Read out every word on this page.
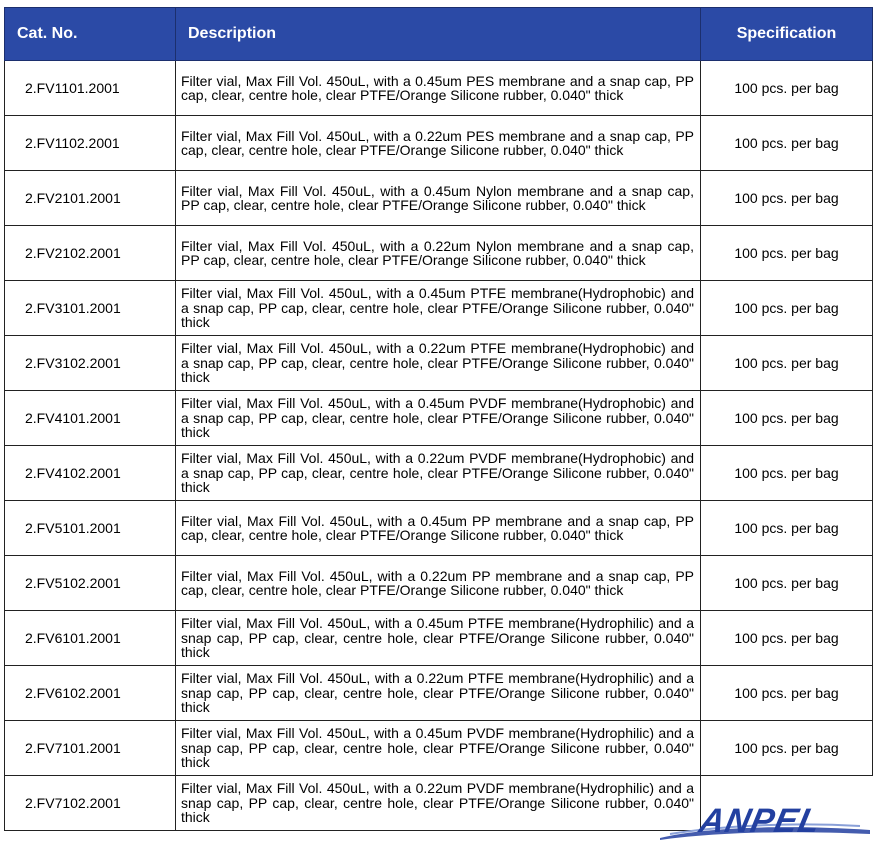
Cat. No.	Description	Specification
2.FV1101.2001	Filter vial, Max Fill Vol. 450uL, with a 0.45um PES membrane and a snap cap, PP cap, clear, centre hole, clear PTFE/Orange Silicone rubber, 0.040" thick	100 pcs. per bag
2.FV1102.2001	Filter vial, Max Fill Vol. 450uL, with a 0.22um PES membrane and a snap cap, PP cap, clear, centre hole, clear PTFE/Orange Silicone rubber, 0.040" thick	100 pcs. per bag
2.FV2101.2001	Filter vial, Max Fill Vol. 450uL, with a 0.45um Nylon membrane and a snap cap, PP cap, clear, centre hole, clear PTFE/Orange Silicone rubber, 0.040" thick	100 pcs. per bag
2.FV2102.2001	Filter vial, Max Fill Vol. 450uL, with a 0.22um Nylon membrane and a snap cap, PP cap, clear, centre hole, clear PTFE/Orange Silicone rubber, 0.040" thick	100 pcs. per bag
2.FV3101.2001	Filter vial, Max Fill Vol. 450uL, with a 0.45um PTFE membrane(Hydrophobic) and a snap cap, PP cap, clear, centre hole, clear PTFE/Orange Silicone rubber, 0.040" thick	100 pcs. per bag
2.FV3102.2001	Filter vial, Max Fill Vol. 450uL, with a 0.22um PTFE membrane(Hydrophobic) and a snap cap, PP cap, clear, centre hole, clear PTFE/Orange Silicone rubber, 0.040" thick	100 pcs. per bag
2.FV4101.2001	Filter vial, Max Fill Vol. 450uL, with a 0.45um PVDF membrane(Hydrophobic) and a snap cap, PP cap, clear, centre hole, clear PTFE/Orange Silicone rubber, 0.040" thick	100 pcs. per bag
2.FV4102.2001	Filter vial, Max Fill Vol. 450uL, with a 0.22um PVDF membrane(Hydrophobic) and a snap cap, PP cap, clear, centre hole, clear PTFE/Orange Silicone rubber, 0.040" thick	100 pcs. per bag
2.FV5101.2001	Filter vial, Max Fill Vol. 450uL, with a 0.45um PP membrane and a snap cap, PP cap, clear, centre hole, clear PTFE/Orange Silicone rubber, 0.040" thick	100 pcs. per bag
2.FV5102.2001	Filter vial, Max Fill Vol. 450uL, with a 0.22um PP membrane and a snap cap, PP cap, clear, centre hole, clear PTFE/Orange Silicone rubber, 0.040" thick	100 pcs. per bag
2.FV6101.2001	Filter vial, Max Fill Vol. 450uL, with a 0.45um PTFE membrane(Hydrophilic) and a snap cap, PP cap, clear, centre hole, clear PTFE/Orange Silicone rubber, 0.040" thick	100 pcs. per bag
2.FV6102.2001	Filter vial, Max Fill Vol. 450uL, with a 0.22um PTFE membrane(Hydrophilic) and a snap cap, PP cap, clear, centre hole, clear PTFE/Orange Silicone rubber, 0.040" thick	100 pcs. per bag
2.FV7101.2001	Filter vial, Max Fill Vol. 450uL, with a 0.45um PVDF membrane(Hydrophilic) and a snap cap, PP cap, clear, centre hole, clear PTFE/Orange Silicone rubber, 0.040" thick	100 pcs. per bag
2.FV7102.2001	Filter vial, Max Fill Vol. 450uL, with a 0.22um PVDF membrane(Hydrophilic) and a snap cap, PP cap, clear, centre hole, clear PTFE/Orange Silicone rubber, 0.040" thick		ANPEL
